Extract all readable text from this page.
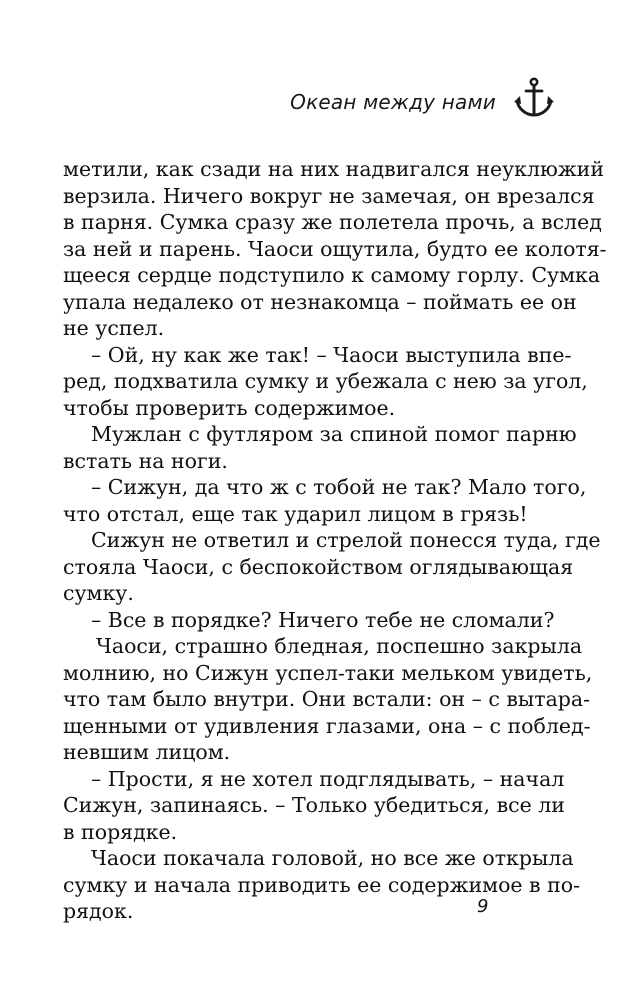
Океан между нами
метили, как сзади на них надвигался неуклюжий
верзила. Ничего вокруг не замечая, он врезался
в парня. Сумка сразу же полетела прочь, а вслед
за ней и парень. Чаоси ощутила, будто ее колотя-
щееся сердце подступило к самому горлу. Сумка
упала недалеко от незнакомца – поймать ее он
не успел.
– Ой, ну как же так! – Чаоси выступила впе-
ред, подхватила сумку и убежала с нею за угол,
чтобы проверить содержимое.
Мужлан с футляром за спиной помог парню
встать на ноги.
– Сижун, да что ж с тобой не так? Мало того,
что отстал, еще так ударил лицом в грязь!
Сижун не ответил и стрелой понесся туда, где
стояла Чаоси, с беспокойством оглядывающая
сумку.
– Все в порядке? Ничего тебе не сломали?
Чаоси, страшно бледная, поспешно закрыла
молнию, но Сижун успел-таки мельком увидеть,
что там было внутри. Они встали: он – с вытара-
щенными от удивления глазами, она – с поблед-
невшим лицом.
– Прости, я не хотел подглядывать, – начал
Сижун, запинаясь. – Только убедиться, все ли
в порядке.
Чаоси покачала головой, но все же открыла
сумку и начала приводить ее содержимое в по-
рядок.	9
